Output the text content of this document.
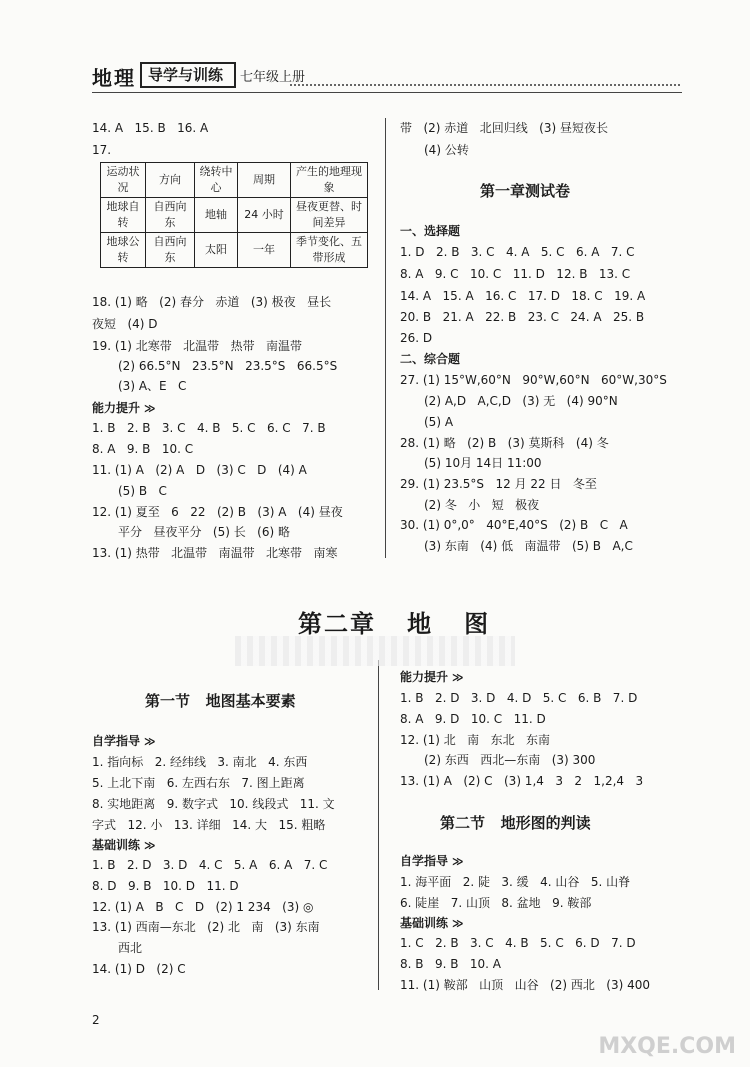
地理 导学与训练 七年级上册
14. A   15. B   16. A
17.
运动状况	方向	绕转中心	周期	产生的地理现象
地球自转	自西向东	地轴	24 小时	昼夜更替、时间差异
地球公转	自西向东	太阳	一年	季节变化、五带形成
18. (1) 略   (2) 春分   赤道   (3) 极夜   昼长
夜短   (4) D
19. (1) 北寒带   北温带   热带   南温带
(2) 66.5°N   23.5°N   23.5°S   66.5°S
(3) A、E   C
能力提升 ≫
1. B   2. B   3. C   4. B   5. C   6. C   7. B
8. A   9. B   10. C
11. (1) A   (2) A   D   (3) C   D   (4) A
(5) B   C
12. (1) 夏至   6   22   (2) B   (3) A   (4) 昼夜
平分   昼夜平分   (5) 长   (6) 略
13. (1) 热带   北温带   南温带   北寒带   南寒
带   (2) 赤道   北回归线   (3) 昼短夜长
(4) 公转
第一章测试卷
一、选择题
1. D   2. B   3. C   4. A   5. C   6. A   7. C
8. A   9. C   10. C   11. D   12. B   13. C
14. A   15. A   16. C   17. D   18. C   19. A
20. B   21. A   22. B   23. C   24. A   25. B
26. D
二、综合题
27. (1) 15°W,60°N   90°W,60°N   60°W,30°S
(2) A,D   A,C,D   (3) 无   (4) 90°N
(5) A
28. (1) 略   (2) B   (3) 莫斯科   (4) 冬
(5) 10月 14日 11:00
29. (1) 23.5°S   12 月 22 日   冬至
(2) 冬   小   短   极夜
30. (1) 0°,0°   40°E,40°S   (2) B   C   A
(3) 东南   (4) 低   南温带   (5) B   A,C
第二章   地   图
第一节   地图基本要素
自学指导 ≫
1. 指向标   2. 经纬线   3. 南北   4. 东西
5. 上北下南   6. 左西右东   7. 图上距离
8. 实地距离   9. 数字式   10. 线段式   11. 文
字式   12. 小   13. 详细   14. 大   15. 粗略
基础训练 ≫
1. B   2. D   3. D   4. C   5. A   6. A   7. C
8. D   9. B   10. D   11. D
12. (1) A   B   C   D   (2) 1 234   (3) ◎
13. (1) 西南—东北   (2) 北   南   (3) 东南
西北
14. (1) D   (2) C
能力提升 ≫
1. B   2. D   3. D   4. D   5. C   6. B   7. D
8. A   9. D   10. C   11. D
12. (1) 北   南   东北   东南
(2) 东西   西北—东南   (3) 300
13. (1) A   (2) C   (3) 1,4   3   2   1,2,4   3
第二节   地形图的判读
自学指导 ≫
1. 海平面   2. 陡   3. 缓   4. 山谷   5. 山脊
6. 陡崖   7. 山顶   8. 盆地   9. 鞍部
基础训练 ≫
1. C   2. B   3. C   4. B   5. C   6. D   7. D
8. B   9. B   10. A
11. (1) 鞍部   山顶   山谷   (2) 西北   (3) 400
2
MXQE.COM
